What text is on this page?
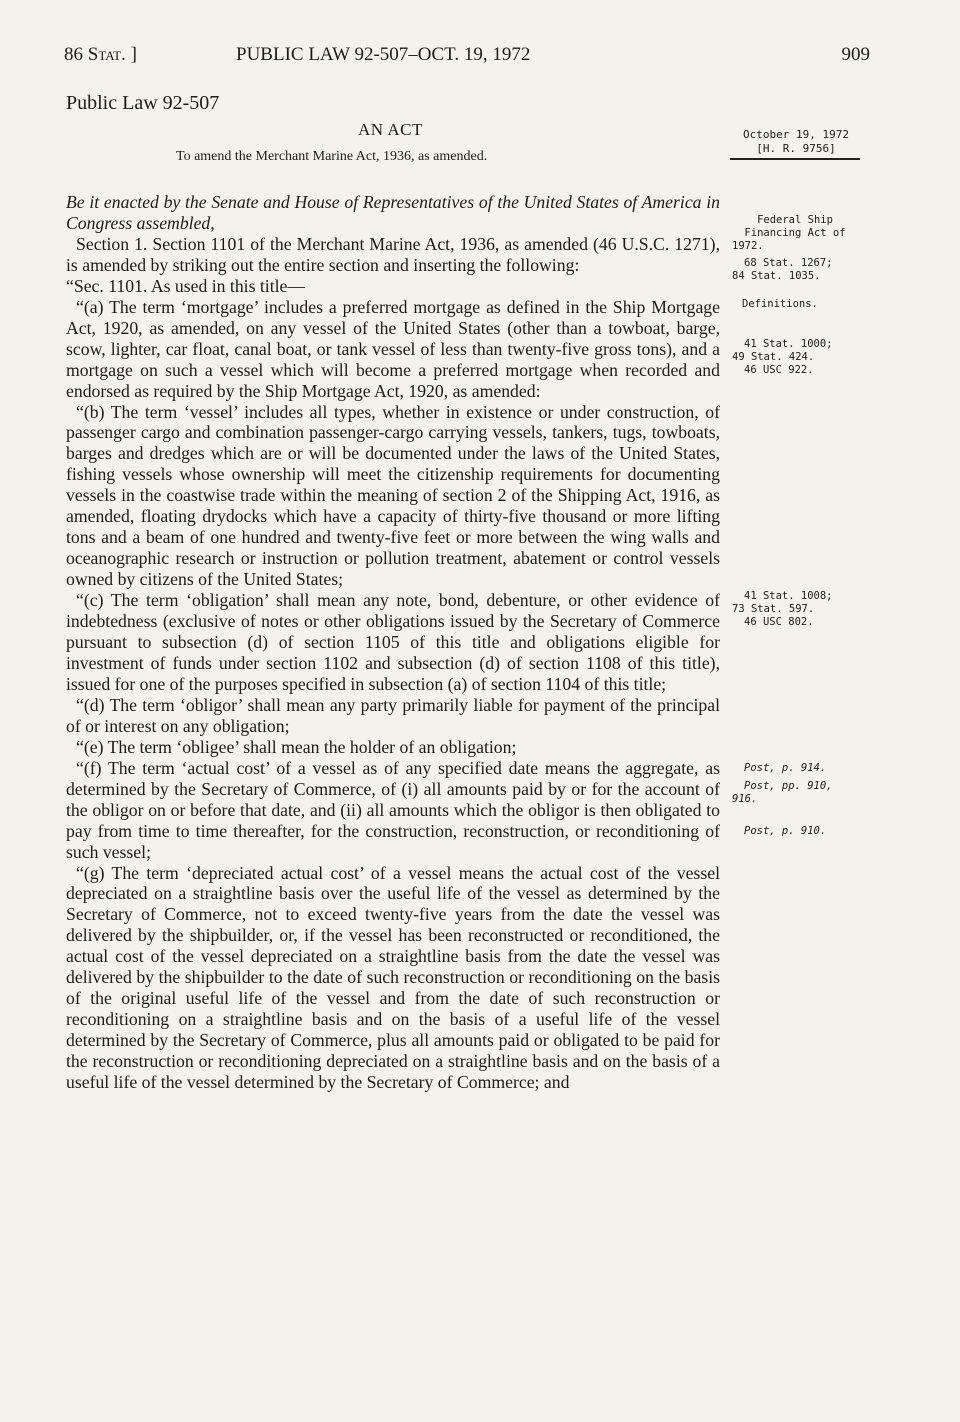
86 Stat. ]	PUBLIC LAW 92-507–OCT. 19, 1972	909
Public Law 92-507
AN ACT
To amend the Merchant Marine Act, 1936, as amended.
October 19, 1972
[H. R. 9756]

Be it enacted by the Senate and House of Representatives of the United States of America in Congress assembled,

Section 1. Section 1101 of the Merchant Marine Act, 1936, as amended (46 U.S.C. 1271), is amended by striking out the entire section and inserting the following:

“Sec. 1101. As used in this title—

“(a) The term ‘mortgage’ includes a preferred mortgage as defined in the Ship Mortgage Act, 1920, as amended, on any vessel of the United States (other than a towboat, barge, scow, lighter, car float, canal boat, or tank vessel of less than twenty-five gross tons), and a mortgage on such a vessel which will become a preferred mortgage when recorded and endorsed as required by the Ship Mortgage Act, 1920, as amended:

“(b) The term ‘vessel’ includes all types, whether in existence or under construction, of passenger cargo and combination passenger-cargo carrying vessels, tankers, tugs, towboats, barges and dredges which are or will be documented under the laws of the United States, fishing vessels whose ownership will meet the citizenship requirements for documenting vessels in the coastwise trade within the meaning of section 2 of the Shipping Act, 1916, as amended, floating drydocks which have a capacity of thirty-five thousand or more lifting tons and a beam of one hundred and twenty-five feet or more between the wing walls and oceanographic research or instruction or pollution treatment, abatement or control vessels owned by citizens of the United States;

“(c) The term ‘obligation’ shall mean any note, bond, debenture, or other evidence of indebtedness (exclusive of notes or other obligations issued by the Secretary of Commerce pursuant to subsection (d) of section 1105 of this title and obligations eligible for investment of funds under section 1102 and subsection (d) of section 1108 of this title), issued for one of the purposes specified in subsection (a) of section 1104 of this title;

“(d) The term ‘obligor’ shall mean any party primarily liable for payment of the principal of or interest on any obligation;

“(e) The term ‘obligee’ shall mean the holder of an obligation;

“(f) The term ‘actual cost’ of a vessel as of any specified date means the aggregate, as determined by the Secretary of Commerce, of (i) all amounts paid by or for the account of the obligor on or before that date, and (ii) all amounts which the obligor is then obligated to pay from time to time thereafter, for the construction, reconstruction, or reconditioning of such vessel;

“(g) The term ‘depreciated actual cost’ of a vessel means the actual cost of the vessel depreciated on a straightline basis over the useful life of the vessel as determined by the Secretary of Commerce, not to exceed twenty-five years from the date the vessel was delivered by the shipbuilder, or, if the vessel has been reconstructed or reconditioned, the actual cost of the vessel depreciated on a straightline basis from the date the vessel was delivered by the shipbuilder to the date of such reconstruction or reconditioning on the basis of the original useful life of the vessel and from the date of such reconstruction or reconditioning on a straightline basis and on the basis of a useful life of the vessel determined by the Secretary of Commerce, plus all amounts paid or obligated to be paid for the reconstruction or reconditioning depreciated on a straightline basis and on the basis of a useful life of the vessel determined by the Secretary of Commerce; and

Federal Ship
Financing Act of
1972.
68 Stat. 1267;
84 Stat. 1035.
Definitions.
41 Stat. 1000;
49 Stat. 424.
46 USC 922.
41 Stat. 1008;
73 Stat. 597.
46 USC 802.
Post, p. 914.
Post, pp. 910,
916.
Post, p. 910.
